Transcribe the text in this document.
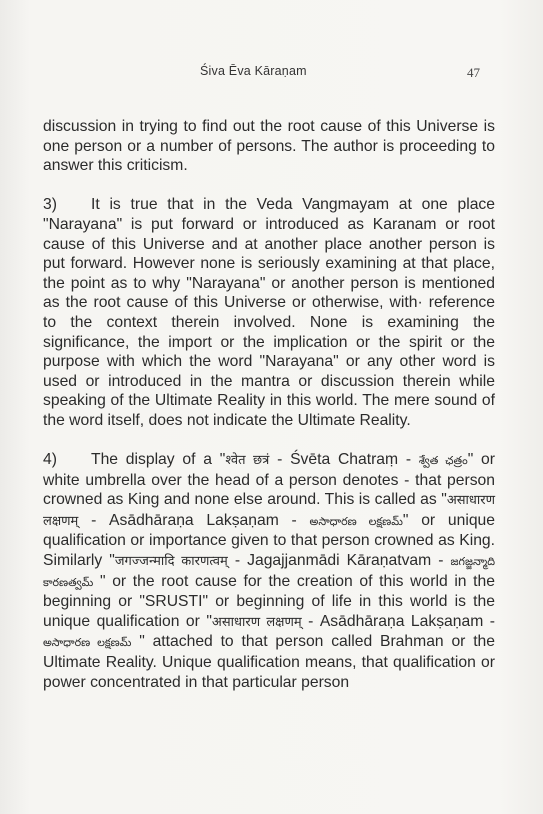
Śiva Ēva Kāraṇam	47

discussion in trying to find out the root cause of this Universe is one person or a number of persons. The author is proceeding to answer this criticism.

3) It is true that in the Veda Vangmayam at one place "Narayana" is put forward or introduced as Karanam or root cause of this Universe and at another place another person is put forward. However none is seriously examining at that place, the point as to why "Narayana" or another person is mentioned as the root cause of this Universe or otherwise, with· reference to the context therein involved. None is examining the significance, the import or the implication or the spirit or the purpose with which the word "Narayana" or any other word is used or introduced in the mantra or discussion therein while speaking of the Ultimate Reality in this world. The mere sound of the word itself, does not indicate the Ultimate Reality.

4) The display of a "श्वेत छत्रं - Śvēta Chatraṃ - శ్వేత ఛత్రం" or white umbrella over the head of a person denotes - that person crowned as King and none else around. This is called as "असाधारण लक्षणम् - Asādhāraṇa Lakṣaṇam - అసాధారణ లక్షణమ్" or unique qualification or importance given to that person crowned as King. Similarly "जगज्जन्मादि कारणत्वम् - Jagajjanmādi Kāraṇatvam - జగజ్జన్మాది కారణత్వమ్ " or the root cause for the creation of this world in the beginning or "SRUSTI" or beginning of life in this world is the unique qualification or "असाधारण लक्षणम् - Asādhāraṇa Lakṣaṇam - అసాధారణ లక్షణమ్ " attached to that person called Brahman or the Ultimate Reality. Unique qualification means, that qualification or power concentrated in that particular person
